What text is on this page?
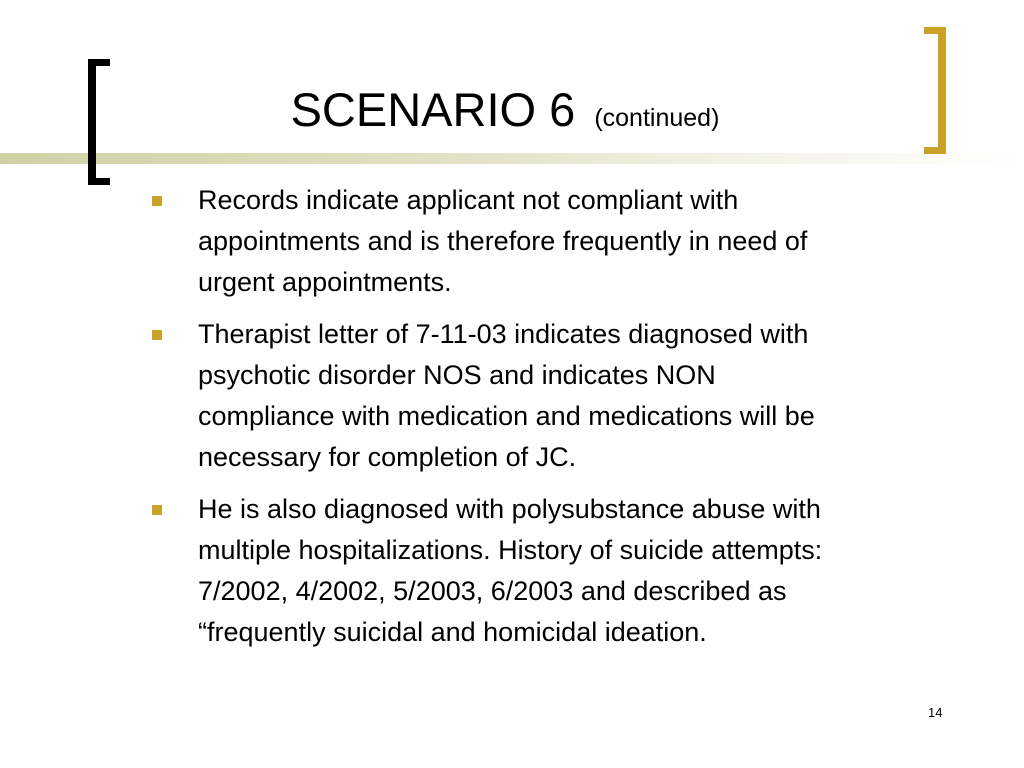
SCENARIO 6 (continued)
Records indicate applicant not compliant with appointments and is therefore frequently in need of urgent appointments.
Therapist letter of 7-11-03 indicates diagnosed with psychotic disorder NOS and indicates NON compliance with medication and medications will be necessary for completion of JC.
He is also diagnosed with polysubstance abuse with multiple hospitalizations. History of suicide attempts: 7/2002, 4/2002, 5/2003, 6/2003 and described as “frequently suicidal and homicidal ideation.
14
